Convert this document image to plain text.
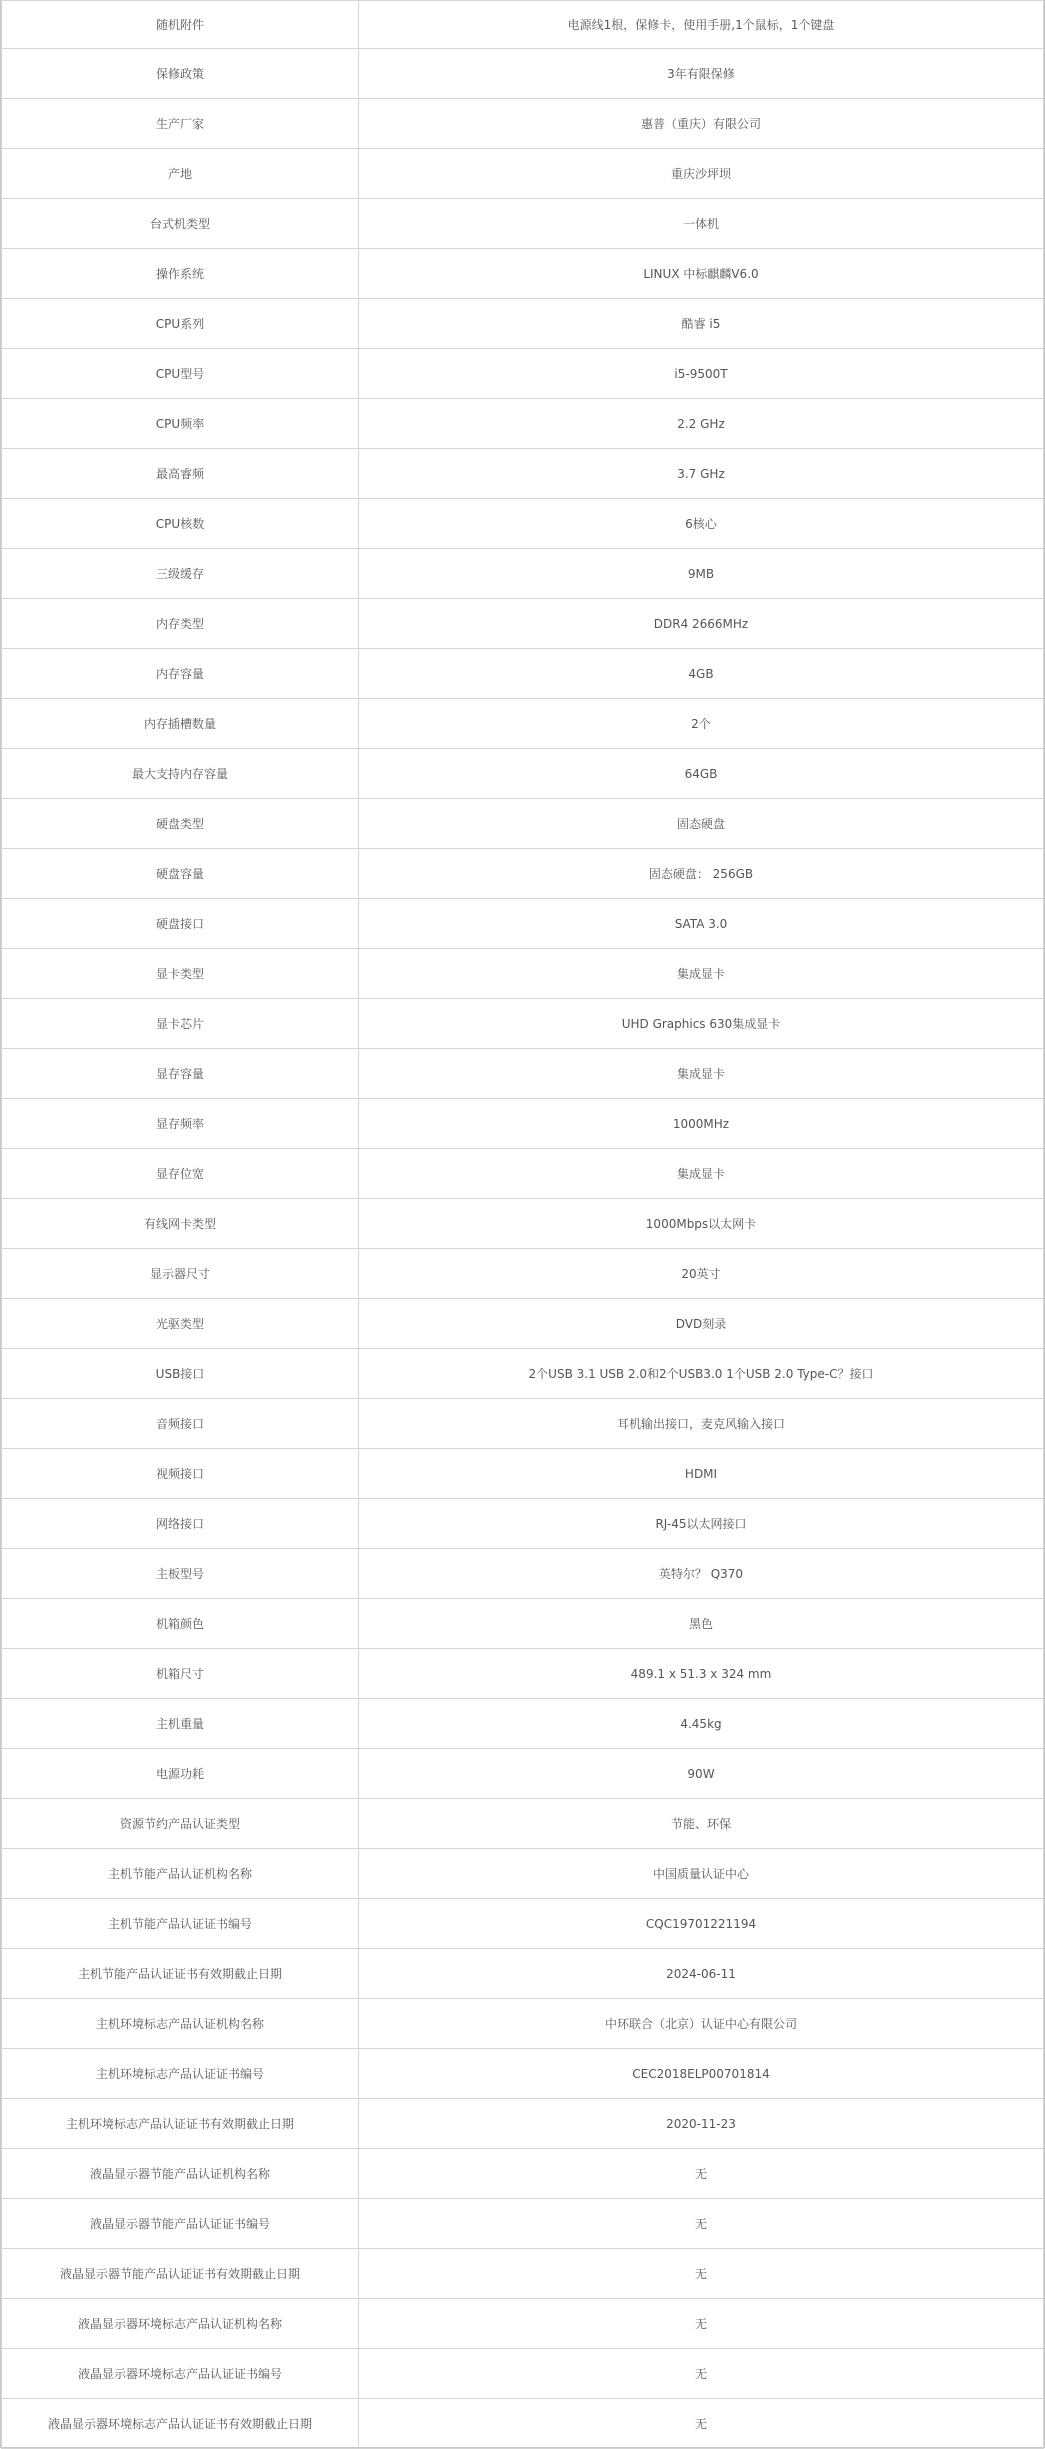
随机附件	电源线1根，保修卡，使用手册,1个鼠标，1个键盘
保修政策	3年有限保修
生产厂家	惠普（重庆）有限公司
产地	重庆沙坪坝
台式机类型	一体机
操作系统	LINUX 中标麒麟V6.0
CPU系列	酷睿 i5
CPU型号	i5-9500T
CPU频率	2.2 GHz
最高睿频	3.7 GHz
CPU核数	6核心
三级缓存	9MB
内存类型	DDR4 2666MHz
内存容量	4GB
内存插槽数量	2个
最大支持内存容量	64GB
硬盘类型	固态硬盘
硬盘容量	固态硬盘： 256GB
硬盘接口	SATA 3.0
显卡类型	集成显卡
显卡芯片	UHD Graphics 630集成显卡
显存容量	集成显卡
显存频率	1000MHz
显存位宽	集成显卡
有线网卡类型	1000Mbps以太网卡
显示器尺寸	20英寸
光驱类型	DVD刻录
USB接口	2个USB 3.1 USB 2.0和2个USB3.0 1个USB 2.0 Type-C？接口
音频接口	耳机输出接口，麦克风输入接口
视频接口	HDMI
网络接口	RJ-45以太网接口
主板型号	英特尔？ Q370
机箱颜色	黑色
机箱尺寸	489.1 x 51.3 x 324 mm
主机重量	4.45kg
电源功耗	90W
资源节约产品认证类型	节能、环保
主机节能产品认证机构名称	中国质量认证中心
主机节能产品认证证书编号	CQC19701221194
主机节能产品认证证书有效期截止日期	2024-06-11
主机环境标志产品认证机构名称	中环联合（北京）认证中心有限公司
主机环境标志产品认证证书编号	CEC2018ELP00701814
主机环境标志产品认证证书有效期截止日期	2020-11-23
液晶显示器节能产品认证机构名称	无
液晶显示器节能产品认证证书编号	无
液晶显示器节能产品认证证书有效期截止日期	无
液晶显示器环境标志产品认证机构名称	无
液晶显示器环境标志产品认证证书编号	无
液晶显示器环境标志产品认证证书有效期截止日期	无
